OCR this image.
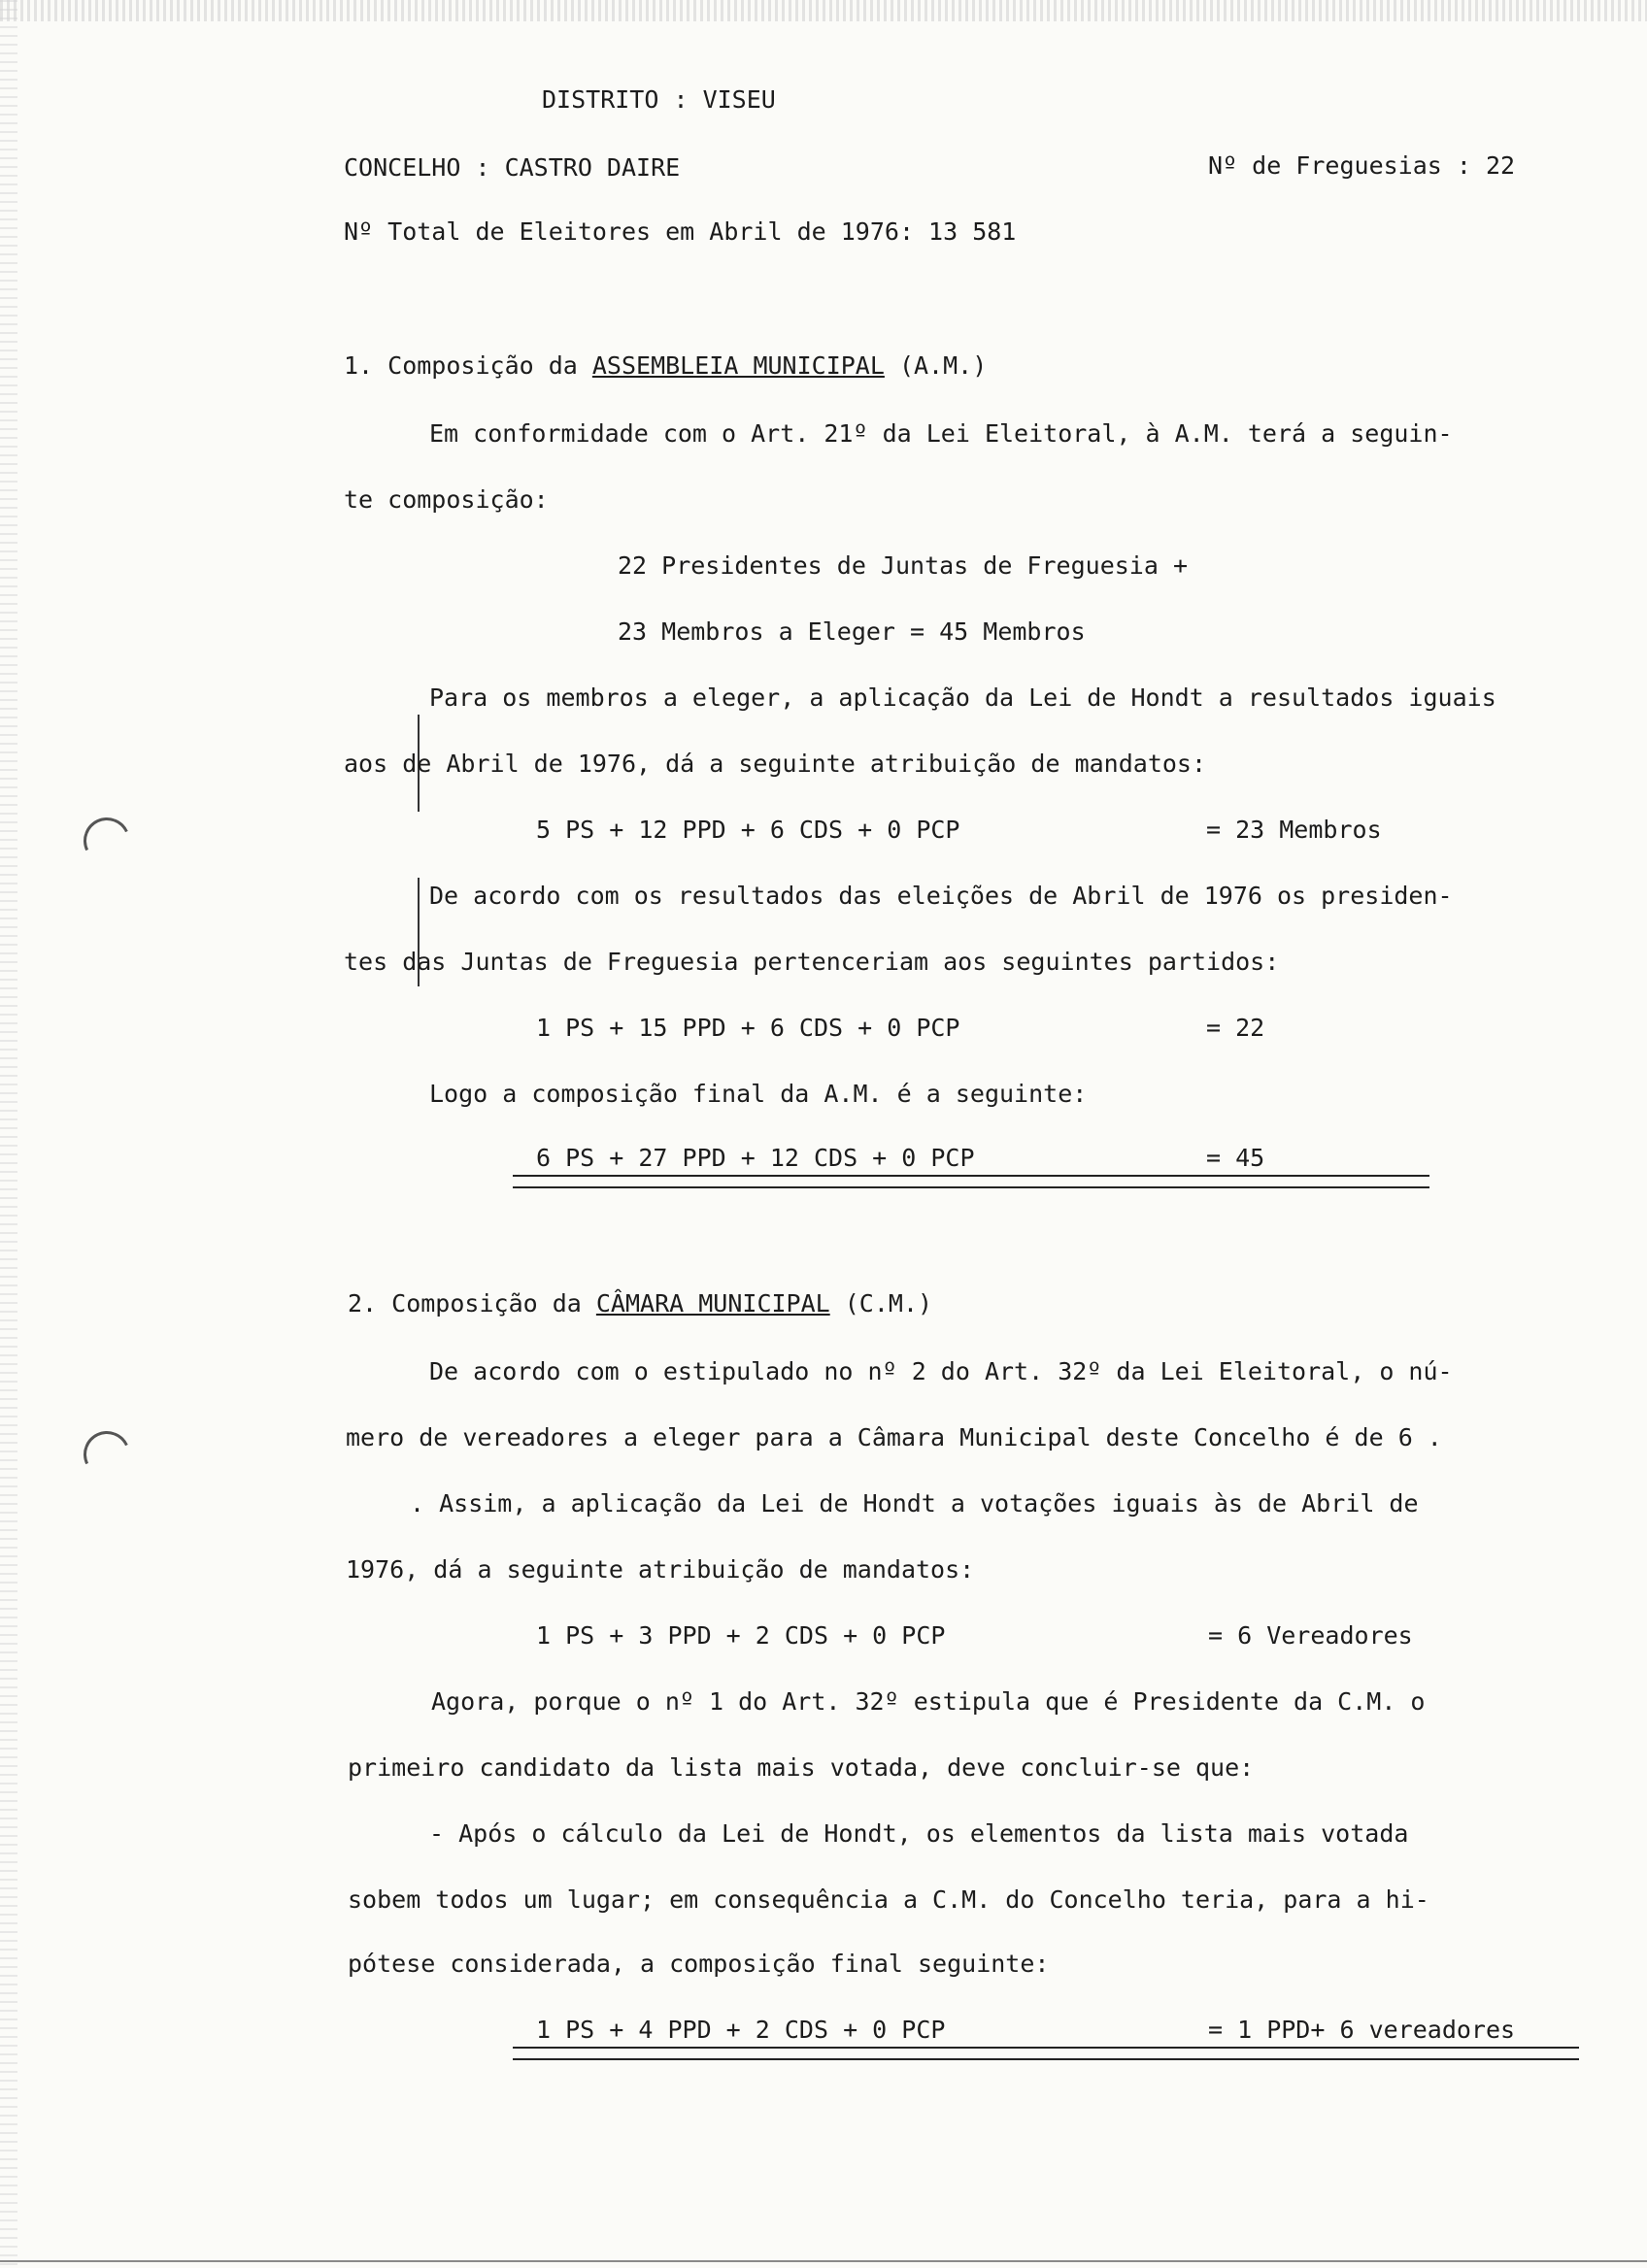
DISTRITO : VISEU
CONCELHO : CASTRO DAIRE	Nº de Freguesias : 22
Nº Total de Eleitores em Abril de 1976: 13 581
1. Composição da ASSEMBLEIA MUNICIPAL (A.M.)
Em conformidade com o Art. 21º da Lei Eleitoral, à A.M. terá a seguin-
te composição:
22 Presidentes de Juntas de Freguesia +
23 Membros a Eleger = 45 Membros
Para os membros a eleger, a aplicação da Lei de Hondt a resultados iguais
aos de Abril de 1976, dá a seguinte atribuição de mandatos:
5 PS + 12 PPD + 6 CDS + 0 PCP	= 23 Membros
De acordo com os resultados das eleições de Abril de 1976 os presiden-
tes das Juntas de Freguesia pertenceriam aos seguintes partidos:
1 PS + 15 PPD + 6 CDS + 0 PCP	= 22
Logo a composição final da A.M. é a seguinte:
6 PS + 27 PPD + 12 CDS + 0 PCP	= 45
2. Composição da CÂMARA MUNICIPAL (C.M.)
De acordo com o estipulado no nº 2 do Art. 32º da Lei Eleitoral, o nú-
mero de vereadores a eleger para a Câmara Municipal deste Concelho é de 6 .
. Assim, a aplicação da Lei de Hondt a votações iguais às de Abril de
1976, dá a seguinte atribuição de mandatos:
1 PS + 3 PPD + 2 CDS + 0 PCP	= 6 Vereadores
Agora, porque o nº 1 do Art. 32º estipula que é Presidente da C.M. o
primeiro candidato da lista mais votada, deve concluir-se que:
- Após o cálculo da Lei de Hondt, os elementos da lista mais votada
sobem todos um lugar; em consequência a C.M. do Concelho teria, para a hi-
pótese considerada, a composição final seguinte:
1 PS + 4 PPD + 2 CDS + 0 PCP	= 1 PPD+ 6 vereadores
